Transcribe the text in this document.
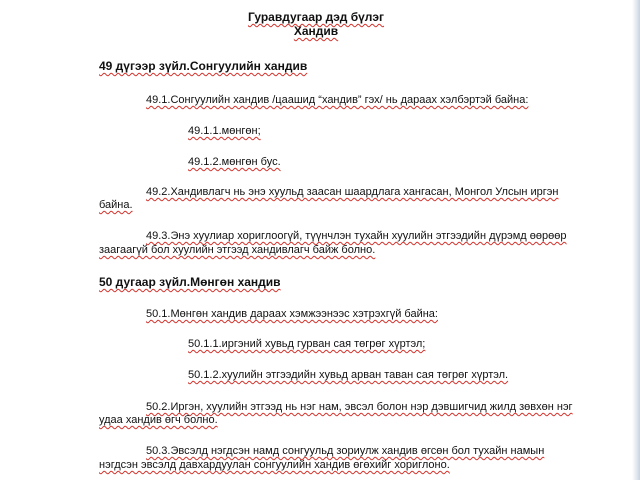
Гуравдугаар дэд бүлэг
Хандив
49 дүгээр зүйл.Сонгуулийн хандив
49.1.Сонгуулийн хандив /цаашид “хандив” гэх/ нь дараах хэлбэртэй байна:
49.1.1.мөнгөн;
49.1.2.мөнгөн бус.
49.2.Хандивлагч нь энэ хуульд заасан шаардлага хангасан, Монгол Улсын иргэн
байна.
49.3.Энэ хуулиар хориглоогүй, түүнчлэн тухайн хуулийн этгээдийн дүрэмд өөрөөр
заагаагүй бол хуулийн этгээд хандивлагч байж болно.
50 дугаар зүйл.Мөнгөн хандив
50.1.Мөнгөн хандив дараах хэмжээнээс хэтрэхгүй байна:
50.1.1.иргэний хувьд гурван сая төгрөг хүртэл;
50.1.2.хуулийн этгээдийн хувьд арван таван сая төгрөг хүртэл.
50.2.Иргэн, хуулийн этгээд нь нэг нам, эвсэл болон нэр дэвшигчид жилд зөвхөн нэг
удаа хандив өгч болно.
50.3.Эвсэлд нэгдсэн намд сонгуульд зориулж хандив өгсөн бол тухайн намын
нэгдсэн эвсэлд давхардуулан сонгуулийн хандив өгөхийг хориглоно.
